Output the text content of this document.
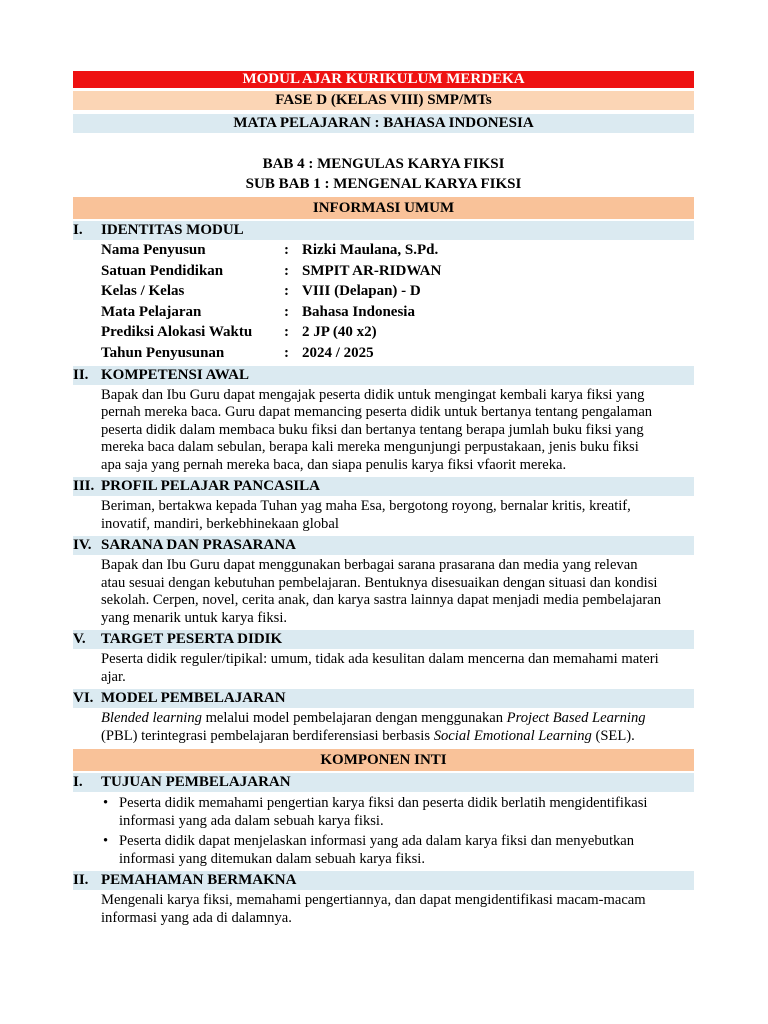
MODUL AJAR KURIKULUM MERDEKA
FASE D (KELAS VIII) SMP/MTs
MATA PELAJARAN : BAHASA INDONESIA
BAB 4 : MENGULAS KARYA FIKSI
SUB BAB 1 : MENGENAL KARYA FIKSI
INFORMASI UMUM
I. IDENTITAS MODUL
Nama Penyusun	: Rizki Maulana, S.Pd.
Satuan Pendidikan	: SMPIT AR-RIDWAN
Kelas / Kelas	: VIII (Delapan) - D
Mata Pelajaran	: Bahasa Indonesia
Prediksi Alokasi Waktu : 2 JP (40 x2)
Tahun Penyusunan	: 2024 / 2025
II. KOMPETENSI AWAL
Bapak dan Ibu Guru dapat mengajak peserta didik untuk mengingat kembali karya fiksi yang
pernah mereka baca. Guru dapat memancing peserta didik untuk bertanya tentang pengalaman
peserta didik dalam membaca buku fiksi dan bertanya tentang berapa jumlah buku fiksi yang
mereka baca dalam sebulan, berapa kali mereka mengunjungi perpustakaan, jenis buku fiksi
apa saja yang pernah mereka baca, dan siapa penulis karya fiksi vfaorit mereka.
III. PROFIL PELAJAR PANCASILA
Beriman, bertakwa kepada Tuhan yag maha Esa, bergotong royong, bernalar kritis, kreatif,
inovatif, mandiri, berkebhinekaan global
IV. SARANA DAN PRASARANA
Bapak dan Ibu Guru dapat menggunakan berbagai sarana prasarana dan media yang relevan
atau sesuai dengan kebutuhan pembelajaran. Bentuknya disesuaikan dengan situasi dan kondisi
sekolah. Cerpen, novel, cerita anak, dan karya sastra lainnya dapat menjadi media pembelajaran
yang menarik untuk karya fiksi.
V. TARGET PESERTA DIDIK
Peserta didik reguler/tipikal: umum, tidak ada kesulitan dalam mencerna dan memahami materi
ajar.
VI. MODEL PEMBELAJARAN
Blended learning melalui model pembelajaran dengan menggunakan Project Based Learning
(PBL) terintegrasi pembelajaran berdiferensiasi berbasis Social Emotional Learning (SEL).
KOMPONEN INTI
I. TUJUAN PEMBELAJARAN
• Peserta didik memahami pengertian karya fiksi dan peserta didik berlatih mengidentifikasi
informasi yang ada dalam sebuah karya fiksi.
• Peserta didik dapat menjelaskan informasi yang ada dalam karya fiksi dan menyebutkan
informasi yang ditemukan dalam sebuah karya fiksi.
II. PEMAHAMAN BERMAKNA
Mengenali karya fiksi, memahami pengertiannya, dan dapat mengidentifikasi macam-macam
informasi yang ada di dalamnya.
